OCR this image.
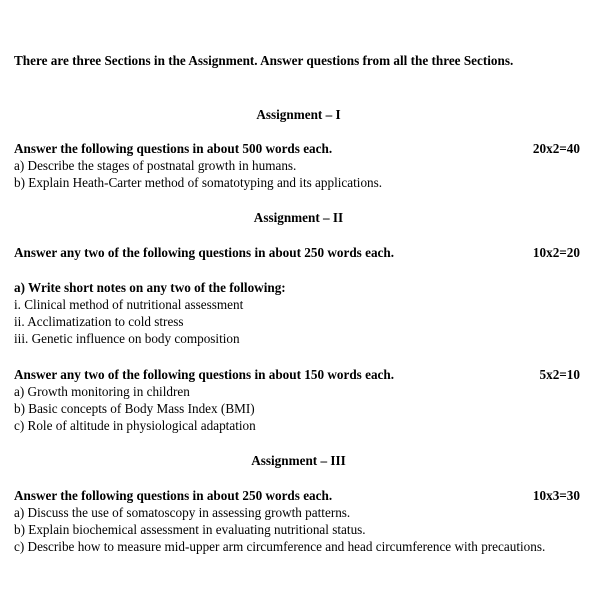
There are three Sections in the Assignment. Answer questions from all the three Sections.
Assignment – I
Answer the following questions in about 500 words each.	20x2=40
a) Describe the stages of postnatal growth in humans.
b) Explain Heath-Carter method of somatotyping and its applications.
Assignment – II
Answer any two of the following questions in about 250 words each.	10x2=20
a) Write short notes on any two of the following:
i. Clinical method of nutritional assessment
ii. Acclimatization to cold stress
iii. Genetic influence on body composition
Answer any two of the following questions in about 150 words each.	5x2=10
a) Growth monitoring in children
b) Basic concepts of Body Mass Index (BMI)
c) Role of altitude in physiological adaptation
Assignment – III
Answer the following questions in about 250 words each.	10x3=30
a) Discuss the use of somatoscopy in assessing growth patterns.
b) Explain biochemical assessment in evaluating nutritional status.
c) Describe how to measure mid-upper arm circumference and head circumference with precautions.
